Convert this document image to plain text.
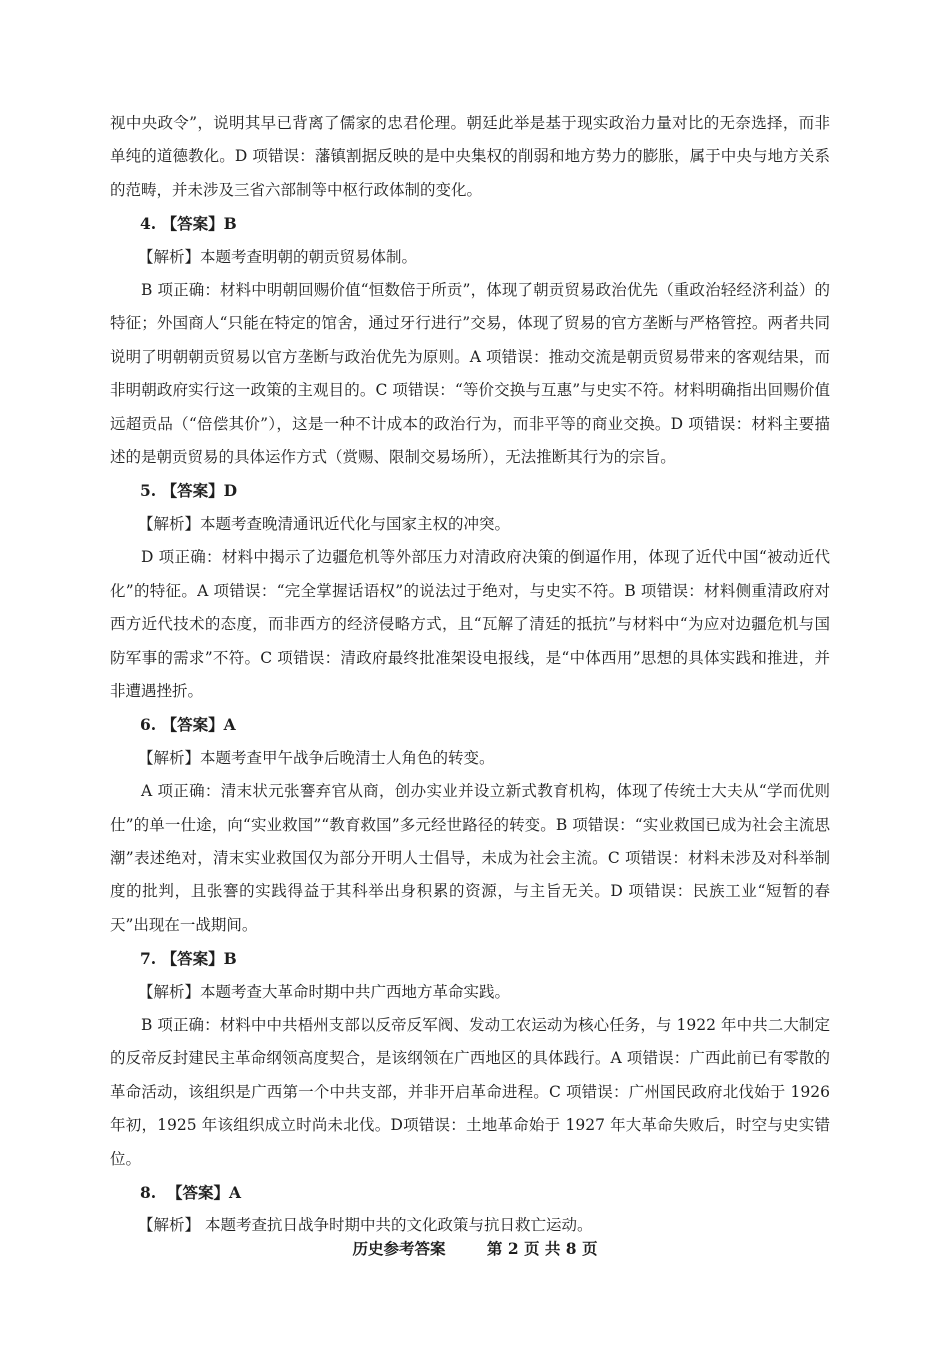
视中央政令”，说明其早已背离了儒家的忠君伦理。朝廷此举是基于现实政治力量对比的无奈选择，而非单纯的道德教化。D 项错误：藩镇割据反映的是中央集权的削弱和地方势力的膨胀，属于中央与地方关系的范畴，并未涉及三省六部制等中枢行政体制的变化。

4. 【答案】B

【解析】本题考查明朝的朝贡贸易体制。

B 项正确：材料中明朝回赐价值“恒数倍于所贡”，体现了朝贡贸易政治优先（重政治轻经济利益）的特征；外国商人“只能在特定的馆舍，通过牙行进行”交易，体现了贸易的官方垄断与严格管控。两者共同说明了明朝朝贡贸易以官方垄断与政治优先为原则。A 项错误：推动交流是朝贡贸易带来的客观结果，而非明朝政府实行这一政策的主观目的。C 项错误：“等价交换与互惠”与史实不符。材料明确指出回赐价值远超贡品（“倍偿其价”），这是一种不计成本的政治行为，而非平等的商业交换。D 项错误：材料主要描述的是朝贡贸易的具体运作方式（赏赐、限制交易场所），无法推断其行为的宗旨。

5. 【答案】D

【解析】本题考查晚清通讯近代化与国家主权的冲突。

D 项正确：材料中揭示了边疆危机等外部压力对清政府决策的倒逼作用，体现了近代中国“被动近代化”的特征。A 项错误：“完全掌握话语权”的说法过于绝对，与史实不符。B 项错误：材料侧重清政府对西方近代技术的态度，而非西方的经济侵略方式，且“瓦解了清廷的抵抗”与材料中“为应对边疆危机与国防军事的需求”不符。C 项错误：清政府最终批准架设电报线，是“中体西用”思想的具体实践和推进，并非遭遇挫折。

6. 【答案】A

【解析】本题考查甲午战争后晚清士人角色的转变。

A 项正确：清末状元张謇弃官从商，创办实业并设立新式教育机构，体现了传统士大夫从“学而优则仕”的单一仕途，向“实业救国”“教育救国”多元经世路径的转变。B 项错误：“实业救国已成为社会主流思潮”表述绝对，清末实业救国仅为部分开明人士倡导，未成为社会主流。C 项错误：材料未涉及对科举制度的批判，且张謇的实践得益于其科举出身积累的资源，与主旨无关。D 项错误：民族工业“短暂的春天”出现在一战期间。

7. 【答案】B

【解析】本题考查大革命时期中共广西地方革命实践。

B 项正确：材料中中共梧州支部以反帝反军阀、发动工农运动为核心任务，与 1922 年中共二大制定的反帝反封建民主革命纲领高度契合，是该纲领在广西地区的具体践行。A 项错误：广西此前已有零散的革命活动，该组织是广西第一个中共支部，并非开启革命进程。C 项错误：广州国民政府北伐始于 1926 年初，1925 年该组织成立时尚未北伐。D项错误：土地革命始于 1927 年大革命失败后，时空与史实错位。

8. 【答案】A

【解析】 本题考查抗日战争时期中共的文化政策与抗日救亡运动。

历史参考答案	第 2 页 共 8 页
